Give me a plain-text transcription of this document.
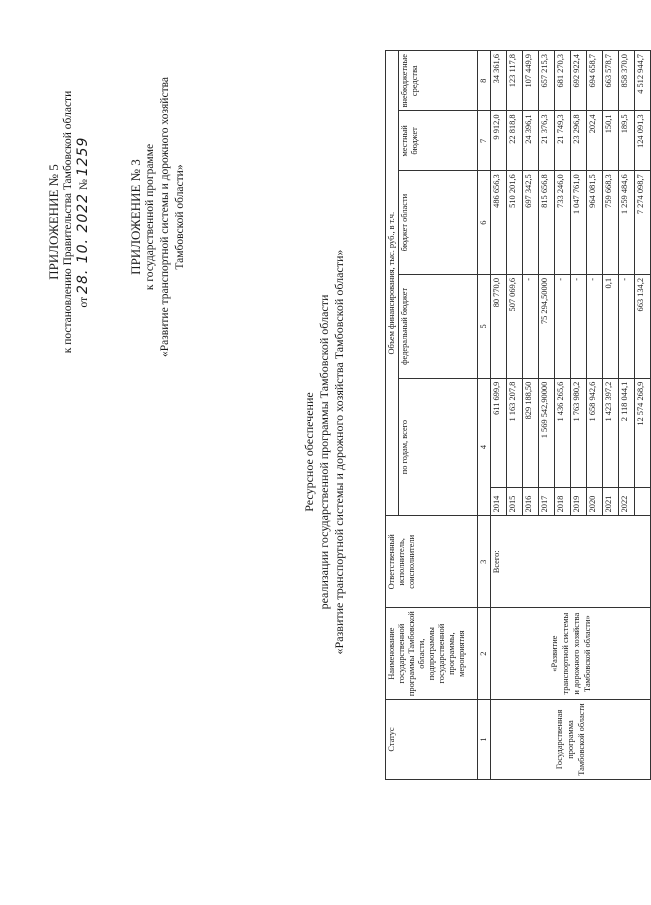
ПРИЛОЖЕНИЕ № 5 к постановлению Правительства Тамбовской области от 28. 10. 2022 № 1259
ПРИЛОЖЕНИЕ № 3 к государственной программе «Развитие транспортной системы и дорожного хозяйства Тамбовской области»
Ресурсное обеспечение реализации государственной программы Тамбовской области «Развитие транспортной системы и дорожного хозяйства Тамбовской области»
Статус	Наименование государственной программы Тамбовской области, подпрограммы государственной программы, мероприятия	Ответственный исполнитель, соисполнители	Объем финансирования, тыс. руб., в т.ч.					
			по годам, всего		федеральный бюджет	бюджет области	местный бюджет	внебюджетные средства
1	2	3	4		5	6	7	8
Государственная программа Тамбовской области	«Развитие транспортной системы и дорожного хозяйства Тамбовской области»	Всего:	2014	611 699,9	80 770,0	486 656,3	9 912,0	34 361,6
			2015	1 163 207,8	507 069,6	510 201,6	22 818,8	123 117,8
			2016	829 188,50	-	697 342,5	24 396,1	107 449,9
			2017	1 569 542,90000	75 294,50000	815 656,8	21 376,3	657 215,3
			2018	1 436 265,6	-	733 246,0	21 749,3	681 270,3
			2019	1 763 980,2	-	1 047 761,0	23 296,8	692 922,4
			2020	1 658 942,6	-	964 081,5	202,4	694 658,7
			2021	1 423 397,2	0,1	759 668,3	150,1	663 578,7
			2022	2 118 044,1	-	1 259 484,6	189,5	858 370,0
				12 574 268,9	663 134,2	7 274 098,7	124 091,3	4 512 944,7
